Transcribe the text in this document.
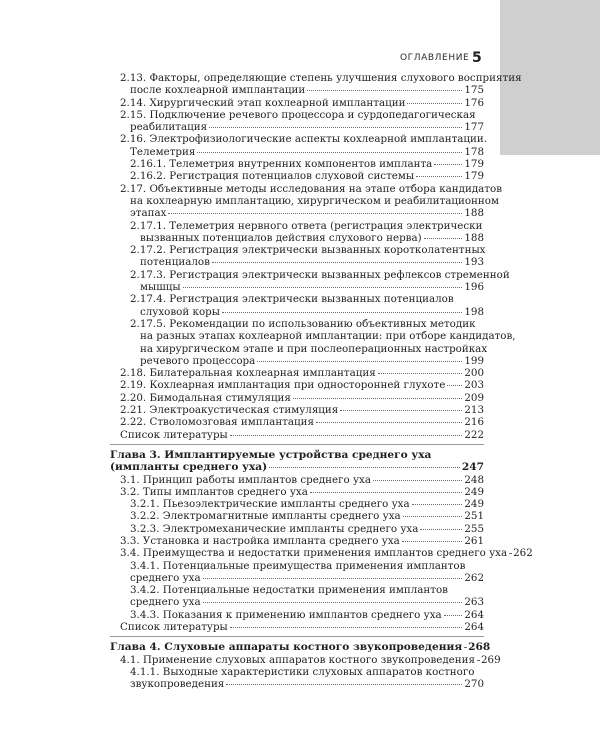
ОГЛАВЛЕНИЕ 5
2.13. Факторы, определяющие степень улучшения слухового восприятия
после кохлеарной имплантации	175
2.14. Хирургический этап кохлеарной имплантации	176
2.15. Подключение речевого процессора и сурдопедагогическая
реабилитация	177
2.16. Электрофизиологические аспекты кохлеарной имплантации.
Телеметрия	178
2.16.1. Телеметрия внутренних компонентов импланта	179
2.16.2. Регистрация потенциалов слуховой системы	179
2.17. Объективные методы исследования на этапе отбора кандидатов
на кохлеарную имплантацию, хирургическом и реабилитационном
этапах	188
2.17.1. Телеметрия нервного ответа (регистрация электрически
вызванных потенциалов действия слухового нерва)	188
2.17.2. Регистрация электрически вызванных коротколатентных
потенциалов	193
2.17.3. Регистрация электрически вызванных рефлексов стременной
мышцы	196
2.17.4. Регистрация электрически вызванных потенциалов
слуховой коры	198
2.17.5. Рекомендации по использованию объективных методик
на разных этапах кохлеарной имплантации: при отборе кандидатов,
на хирургическом этапе и при послеоперационных настройках
речевого процессора	199
2.18. Билатеральная кохлеарная имплантация	200
2.19. Кохлеарная имплантация при односторонней глухоте 203
2.20. Бимодальная стимуляция	209
2.21. Электроакустическая стимуляция	213
2.22. Стволомозговая имплантация	216
Список литературы	222
Глава 3. Имплантируемые устройства среднего уха
(импланты среднего уха)	247
3.1. Принцип работы имплантов среднего уха	248
3.2. Типы имплантов среднего уха	249
3.2.1. Пьезоэлектрические импланты среднего уха	249
3.2.2. Электромагнитные импланты среднего уха	251
3.2.3. Электромеханические импланты среднего уха	255
3.3. Установка и настройка импланта среднего уха	261
3.4. Преимущества и недостатки применения имплантов среднего уха 262
3.4.1. Потенциальные преимущества применения имплантов
среднего уха	262
3.4.2. Потенциальные недостатки применения имплантов
среднего уха	263
3.4.3. Показания к применению имплантов среднего уха 264
Список литературы	264
Глава 4. Слуховые аппараты костного звукопроведения 268
4.1. Применение слуховых аппаратов костного звукопроведения 269
4.1.1. Выходные характеристики слуховых аппаратов костного
звукопроведения	270
